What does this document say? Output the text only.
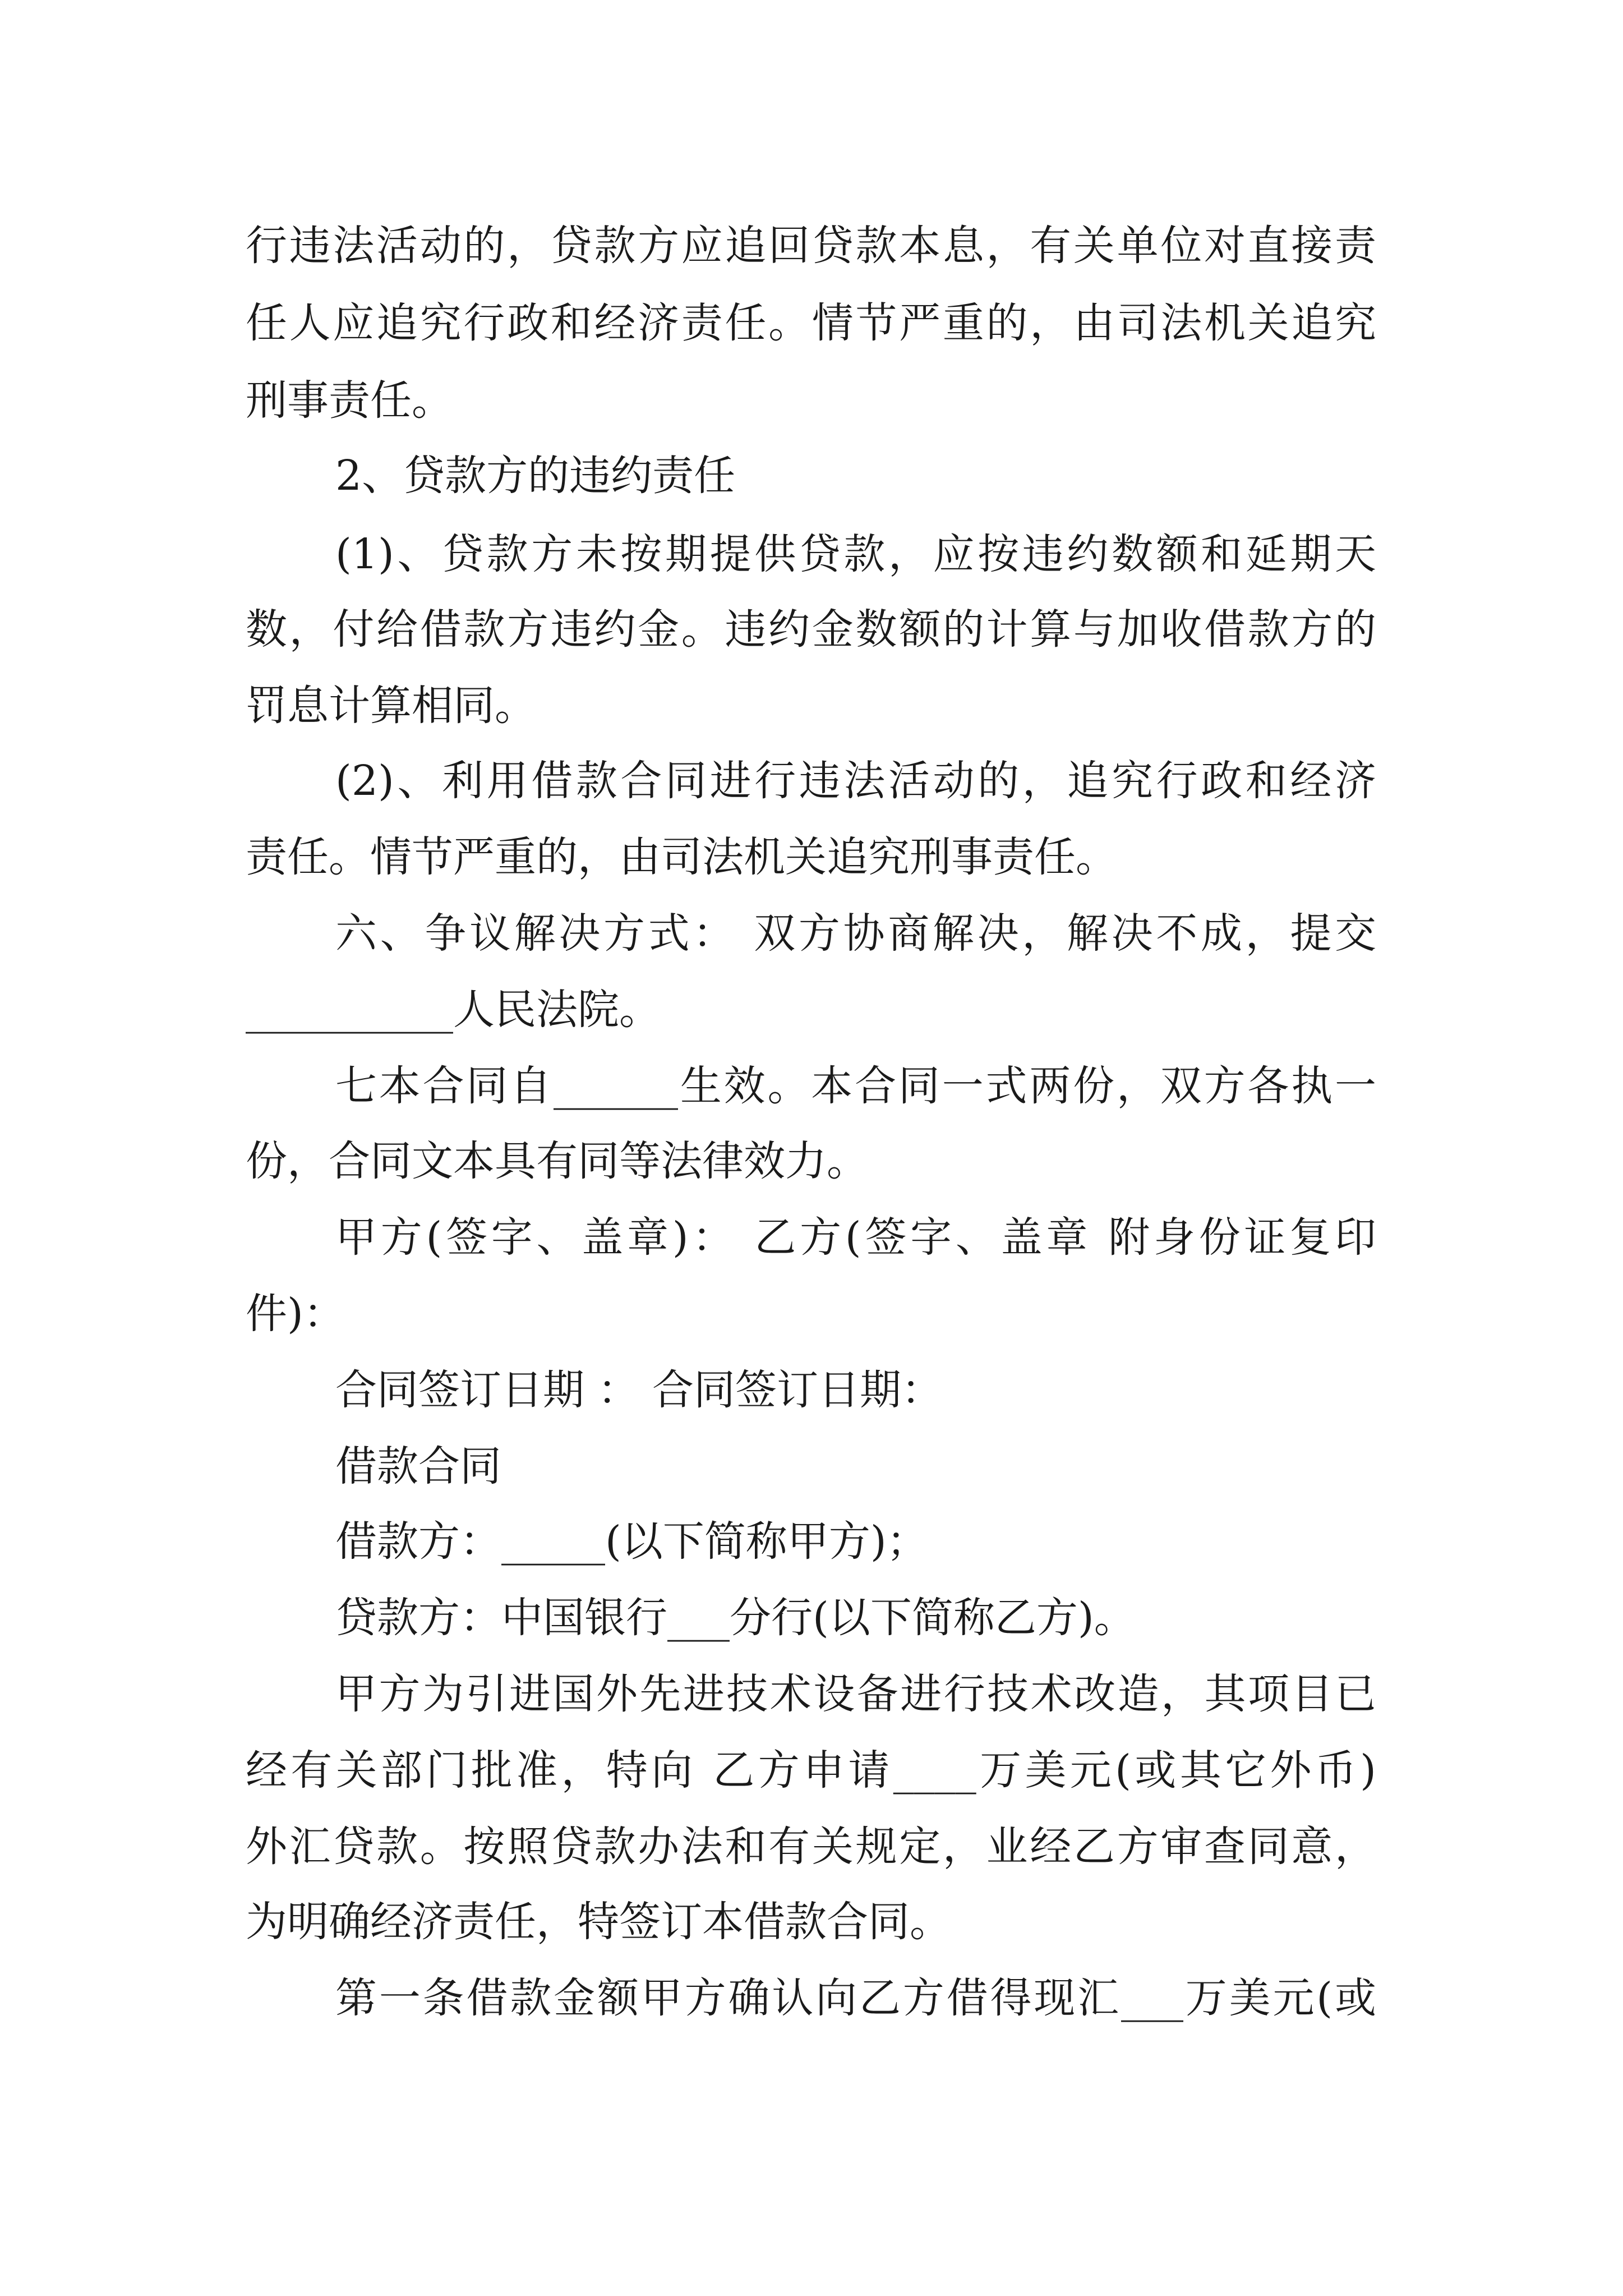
行违法活动的，贷款方应追回贷款本息，有关单位对直接责
任人应追究行政和经济责任。情节严重的，由司法机关追究
刑事责任。
2、贷款方的违约责任
(1)、贷款方未按期提供贷款，应按违约数额和延期天
数，付给借款方违约金。违约金数额的计算与加收借款方的
罚息计算相同。
(2)、利用借款合同进行违法活动的，追究行政和经济
责任。情节严重的，由司法机关追究刑事责任。
六、争议解决方式： 双方协商解决，解决不成，提交
__________人民法院。
七本合同自______生效。本合同一式两份，双方各执一
份，合同文本具有同等法律效力。
甲方(签字、盖章)： 乙方(签字、盖章 附身份证复印
件)：
合同签订日期 ： 合同签订日期：
借款合同
借款方：_____(以下简称甲方)；
贷款方：中国银行___分行(以下简称乙方)。
甲方为引进国外先进技术设备进行技术改造，其项目已
经有关部门批准，特向 乙方申请____万美元(或其它外币)
外汇贷款。按照贷款办法和有关规定，业经乙方审查同意，
为明确经济责任，特签订本借款合同。
第一条借款金额甲方确认向乙方借得现汇___万美元(或
